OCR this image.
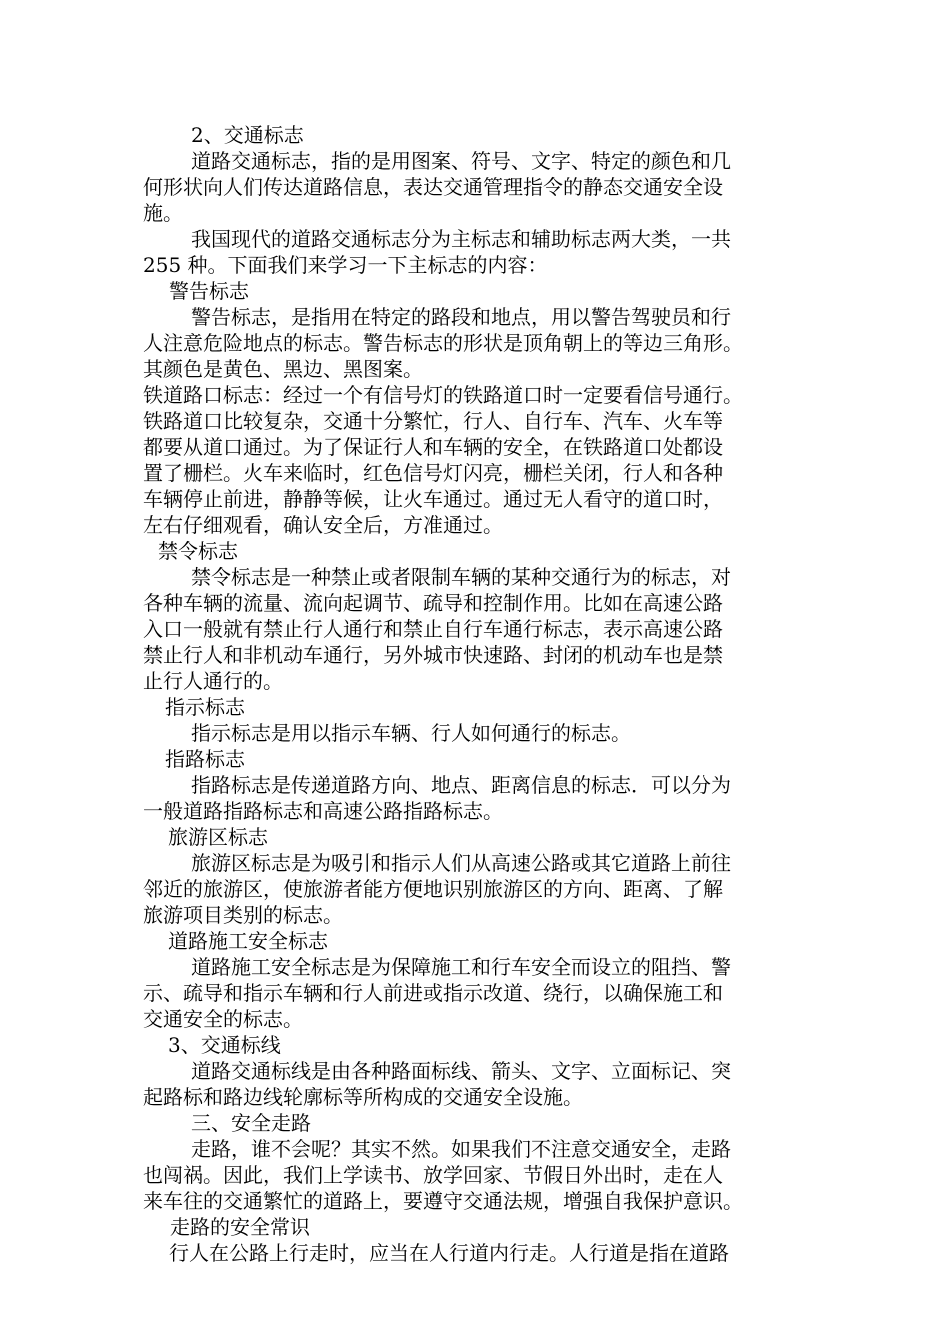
2、交通标志
道路交通标志，指的是用图案、符号、文字、特定的颜色和几
何形状向人们传达道路信息，表达交通管理指令的静态交通安全设
施。
我国现代的道路交通标志分为主标志和辅助标志两大类，一共
255 种。下面我们来学习一下主标志的内容：
警告标志
警告标志，是指用在特定的路段和地点，用以警告驾驶员和行
人注意危险地点的标志。警告标志的形状是顶角朝上的等边三角形。
其颜色是黄色、黑边、黑图案。
铁道路口标志：经过一个有信号灯的铁路道口时一定要看信号通行。
铁路道口比较复杂，交通十分繁忙，行人、自行车、汽车、火车等
都要从道口通过。为了保证行人和车辆的安全，在铁路道口处都设
置了栅栏。火车来临时，红色信号灯闪亮，栅栏关闭，行人和各种
车辆停止前进，静静等候，让火车通过。通过无人看守的道口时，
左右仔细观看，确认安全后，方准通过。
禁令标志
禁令标志是一种禁止或者限制车辆的某种交通行为的标志，对
各种车辆的流量、流向起调节、疏导和控制作用。比如在高速公路
入口一般就有禁止行人通行和禁止自行车通行标志，表示高速公路
禁止行人和非机动车通行，另外城市快速路、封闭的机动车也是禁
止行人通行的。
指示标志
指示标志是用以指示车辆、行人如何通行的标志。
指路标志
指路标志是传递道路方向、地点、距离信息的标志．可以分为
一般道路指路标志和高速公路指路标志。
旅游区标志
旅游区标志是为吸引和指示人们从高速公路或其它道路上前往
邻近的旅游区，使旅游者能方便地识别旅游区的方向、距离、了解
旅游项目类别的标志。
道路施工安全标志
道路施工安全标志是为保障施工和行车安全而设立的阻挡、警
示、疏导和指示车辆和行人前进或指示改道、绕行，以确保施工和
交通安全的标志。
3、交通标线
道路交通标线是由各种路面标线、箭头、文字、立面标记、突
起路标和路边线轮廓标等所构成的交通安全设施。
三、安全走路
走路，谁不会呢？其实不然。如果我们不注意交通安全，走路
也闯祸。因此，我们上学读书、放学回家、节假日外出时，走在人
来车往的交通繁忙的道路上，要遵守交通法规，增强自我保护意识。
走路的安全常识
行人在公路上行走时，应当在人行道内行走。人行道是指在道路
